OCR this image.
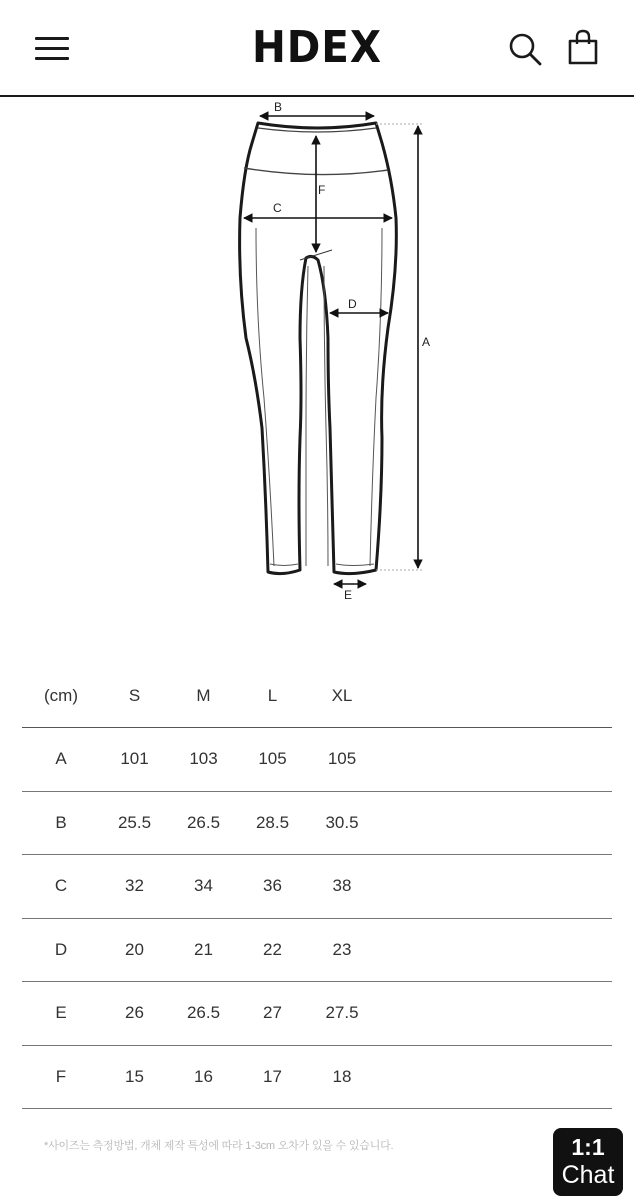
HDEX
B
F
C
D
A
E
(cm)	S	M	L	XL	
A	101	103	105	105	
B	25.5	26.5	28.5	30.5	
C	32	34	36	38	
D	20	21	22	23	
E	26	26.5	27	27.5	
F	15	16	17	18	
*사이즈는 측정방법, 개체 제작 특성에 따라 1-3cm 오차가 있을 수 있습니다.	1:1
Chat
